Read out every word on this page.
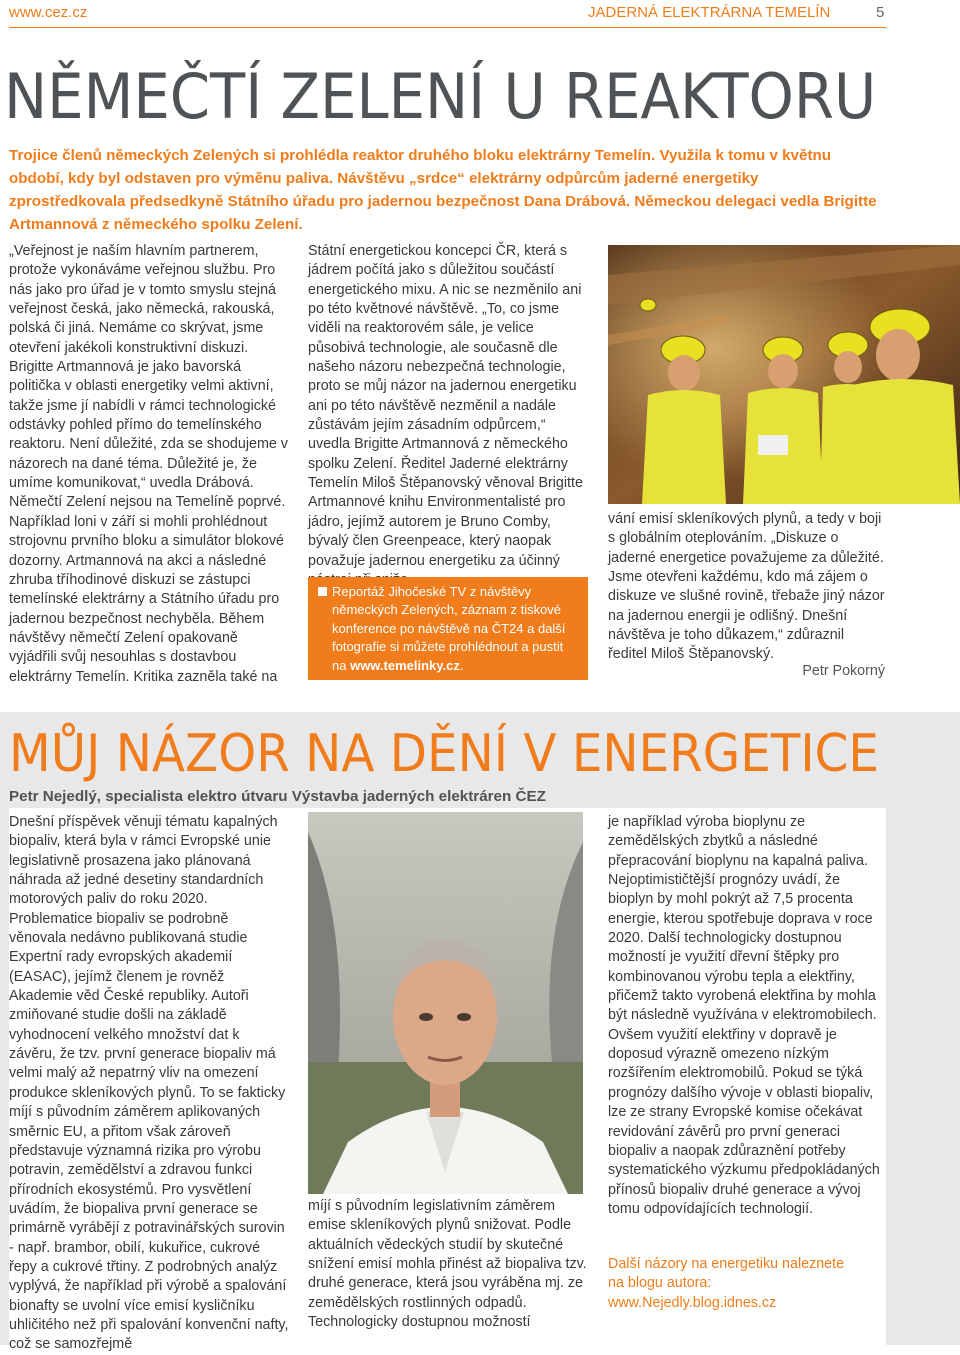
www.cez.cz	JADERNÁ ELEKTRÁRNA TEMELÍN	5
NĚMEČTÍ ZELENÍ U REAKTORU
Trojice členů německých Zelených si prohlédla reaktor druhého bloku elektrárny Temelín. Využila k tomu v květnu období, kdy byl odstaven pro výměnu paliva. Návštěvu „srdce“ elektrárny odpůrcům jaderné energetiky zprostředkovala předsedkyně Státního úřadu pro jadernou bezpečnost Dana Drábová. Německou delegaci vedla Brigitte Artmannová z německého spolku Zelení.
„Veřejnost je naším hlavním partnerem, protože vykonáváme veřejnou službu. Pro nás jako pro úřad je v tomto smyslu stejná veřejnost česká, jako německá, rakouská, polská či jiná. Nemáme co skrývat, jsme otevření jakékoli konstruktivní diskuzi. Brigitte Artmannová je jako bavorská politička v oblasti energetiky velmi aktivní, takže jsme jí nabídli v rámci technologické odstávky pohled přímo do temelínského reaktoru. Není důležité, zda se shodujeme v názorech na dané téma. Důležité je, že umíme komunikovat,“ uvedla Drábová. Němečtí Zelení nejsou na Temelíně poprvé. Například loni v září si mohli prohlédnout strojovnu prvního bloku a simulátor blokové dozorny. Artmannová na akci a následné zhruba tříhodinové diskuzi se zástupci temelínské elektrárny a Státního úřadu pro jadernou bezpečnost nechyběla. Během návštěvy němečtí Zelení opakovaně vyjádřili svůj nesouhlas s dostavbou elektrárny Temelín. Kritika zazněla také na
Státní energetickou koncepci ČR, která s jádrem počítá jako s důležitou součástí energetického mixu. A nic se nezměnilo ani po této květnové návštěvě. „To, co jsme viděli na reaktorovém sále, je velice působivá technologie, ale současně dle našeho názoru nebezpečná technologie, proto se můj názor na jadernou energetiku ani po této návštěvě nezměnil a nadále zůstávám jejím zásadním odpůrcem,“ uvedla Brigitte Artmannová z německého spolku Zelení. Ředitel Jaderné elektrárny Temelín Miloš Štěpanovský věnoval Brigitte Artmannové knihu Environmentalisté pro jádro, jejímž autorem je Bruno Comby, bývalý člen Greenpeace, který naopak považuje jadernou energetiku za účinný
Reportáž Jihočeské TV z návštěvy německých Zelených, záznam z tiskové konference po návštěvě na ČT24 a další fotografie si můžete prohlédnout a pustit na www.temelinky.cz.
vání emisí skleníkových plynů, a tedy v boji s globálním oteplováním. „Diskuze o jaderné energetice považujeme za důležité. Jsme otevřeni každému, kdo má zájem o diskuze ve slušné rovině, třebaže jiný názor na jadernou energii je odlišný. Dnešní návštěva je toho důkazem,“ zdůraznil ředitel Miloš Štěpanovský.
Petr Pokorný
MŮJ NÁZOR NA DĚNÍ V ENERGETICE
Petr Nejedlý, specialista elektro útvaru Výstavba jaderných elektráren ČEZ
Dnešní příspěvek věnuji tématu kapalných biopaliv, která byla v rámci Evropské unie legislativně prosazena jako plánovaná náhrada až jedné desetiny standardních motorových paliv do roku 2020. Problematice biopaliv se podrobně věnovala nedávno publikovaná studie Expertní rady evropských akademií (EASAC), jejímž členem je rovněž Akademie věd České republiky. Autoři zmiňované studie došli na základě vyhodnocení velkého množství dat k závěru, že tzv. první generace biopaliv má velmi malý až nepatrný vliv na omezení produkce skleníkových plynů. To se fakticky míjí s původním záměrem aplikovaných směrnic EU, a přitom však zároveň představuje významná rizika pro výrobu potravin, zemědělství a zdravou funkci přírodních ekosystémů. Pro vysvětlení uvádím, že biopaliva první generace se primárně vyrábějí z potravinářských surovin - např. brambor, obilí, kukuřice, cukrové řepy a cukrové třtiny. Z podrobných analýz vyplývá, že například při výrobě a spalování bionafty se uvolní více emisí kysličníku uhličitého než při spalování konvenční nafty, což se samozřejmě
míjí s původním legislativním záměrem emise skleníkových plynů snižovat. Podle aktuálních vědeckých studií by skutečné snížení emisí mohla přinést až biopaliva tzv. druhé generace, která jsou vyráběna mj. ze zemědělských rostlinných odpadů. Technologicky dostupnou možností
je například výroba bioplynu ze zemědělských zbytků a následné přepracování bioplynu na kapalná paliva. Nejoptimističtější prognózy uvádí, že bioplyn by mohl pokrýt až 7,5 procenta energie, kterou spotřebuje doprava v roce 2020. Další technologicky dostupnou možností je využití dřevní štěpky pro kombinovanou výrobu tepla a elektřiny, přičemž takto vyrobená elektřina by mohla být následně využívána v elektromobilech. Ovšem využití elektřiny v dopravě je doposud výrazně omezeno nízkým rozšířením elektromobilů. Pokud se týká prognózy dalšího vývoje v oblasti biopaliv, lze ze strany Evropské komise očekávat revidování závěrů pro první generaci biopaliv a naopak zdůraznění potřeby systematického výzkumu předpokládaných přínosů biopaliv druhé generace a vývoj tomu odpovídajících technologií.
Další názory na energetiku naleznete
na blogu autora:
www.Nejedly.blog.idnes.cz
